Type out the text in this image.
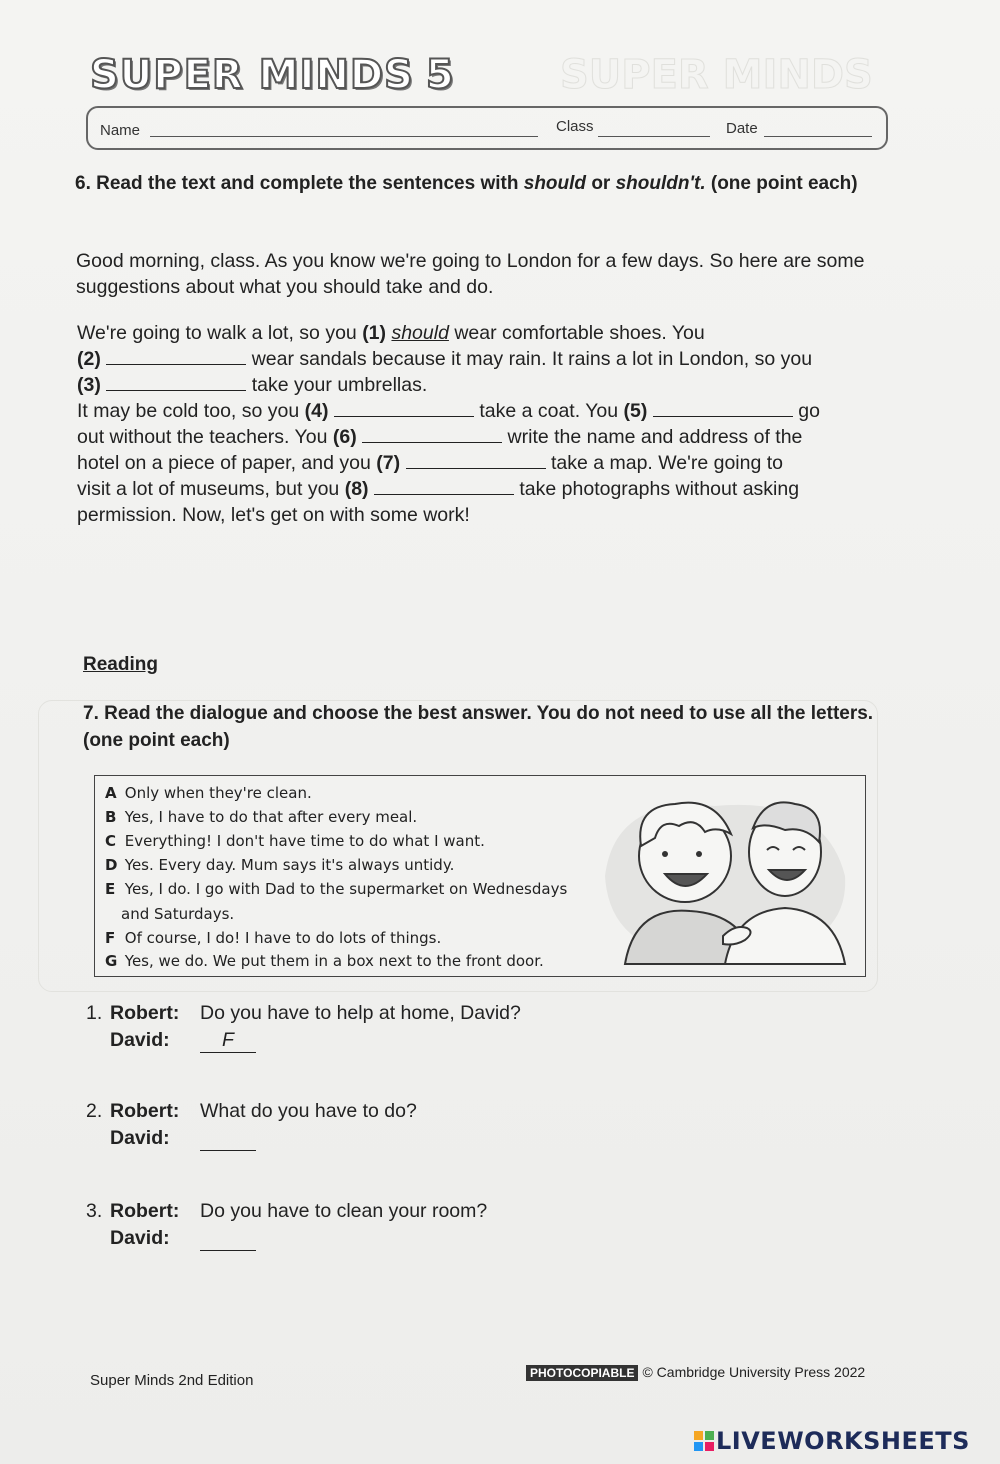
SUPER MINDS 5	SUPER MINDS
Name	Class	Date
6. Read the text and complete the sentences with should or shouldn't. (one point each)

Good morning, class. As you know we're going to London for a few days. So here are some suggestions about what you should take and do.

We're going to walk a lot, so you (1) should wear comfortable shoes. You
(2)	wear sandals because it may rain. It rains a lot in London, so you
(3)	take your umbrellas.
It may be cold too, so you (4)	take a coat. You (5)	go
out without the teachers. You (6)	write the name and address of the
hotel on a piece of paper, and you (7)	take a map. We're going to
visit a lot of museums, but you (8)	take photographs without asking
permission. Now, let's get on with some work!

Reading
7. Read the dialogue and choose the best answer. You do not need to use all the letters. (one point each)
A Only when they're clean.
B Yes, I have to do that after every meal.
C Everything! I don't have time to do what I want.
D Yes. Every day. Mum says it's always untidy.
E Yes, I do. I go with Dad to the supermarket on Wednesdays
and Saturdays.
F Of course, I do! I have to do lots of things.
G Yes, we do. We put them in a box next to the front door.
1. Robert: Do you have to help at home, David?
David:	F
2. Robert: What do you have to do?
David:
3. Robert: Do you have to clean your room?
David:
Super Minds 2nd Edition	PHOTOCOPIABLE © Cambridge University Press 2022
LIVEWORKSHEETS
